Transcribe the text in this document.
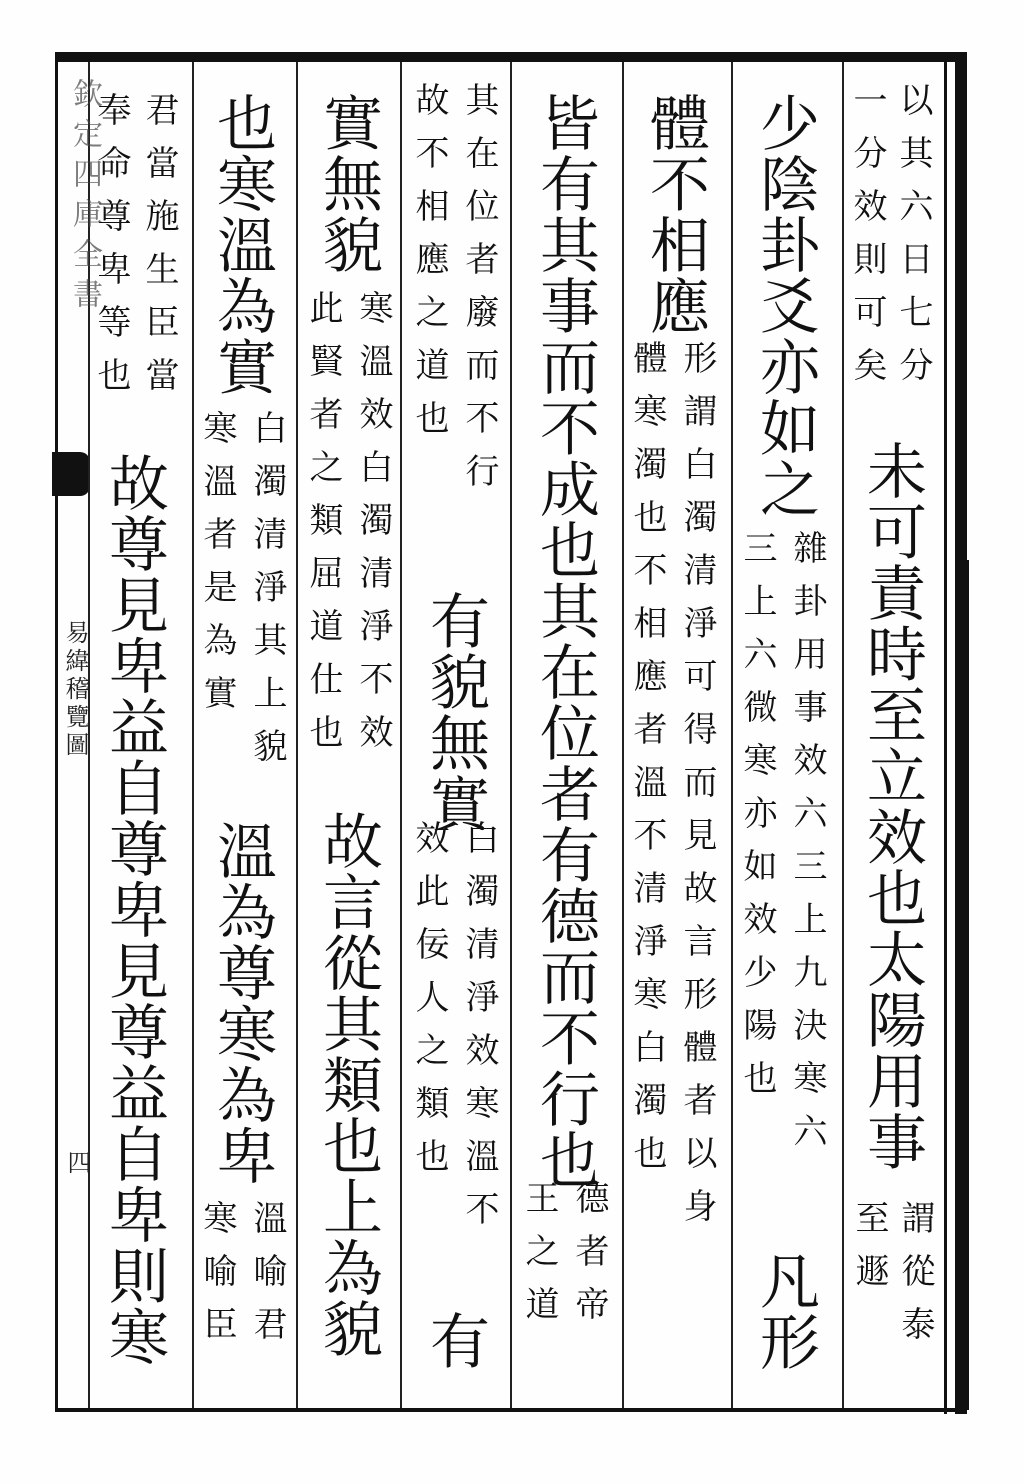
欽定四庫全書
易緯稽覽圖
四
以其六日七分
一分效則可矣
未可責時至立效也太陽用事
謂從泰
至遯
少陰卦爻亦如之
雜卦用事效六三上九決寒六
三上六微寒亦如效少陽也
凡形
體不相應
形謂白濁清淨可得而見故言形體者以身
體寒濁也不相應者溫不清淨寒白濁也
皆有其事而不成也其在位者有德而不行也
德者帝
王之道
其在位者廢而不行
故不相應之道也
有貌無實
白濁清淨效寒溫不
效此佞人之類也
有
實無貌
寒溫效白濁清淨不效
此賢者之類屈道仕也
故言從其類也上為貌
也寒溫為實
白濁清淨其上貌
寒溫者是為實
溫為尊寒為卑
溫喻君
寒喻臣
君當施生臣當
奉命尊卑等也
故尊見卑益自尊卑見尊益自卑則寒
